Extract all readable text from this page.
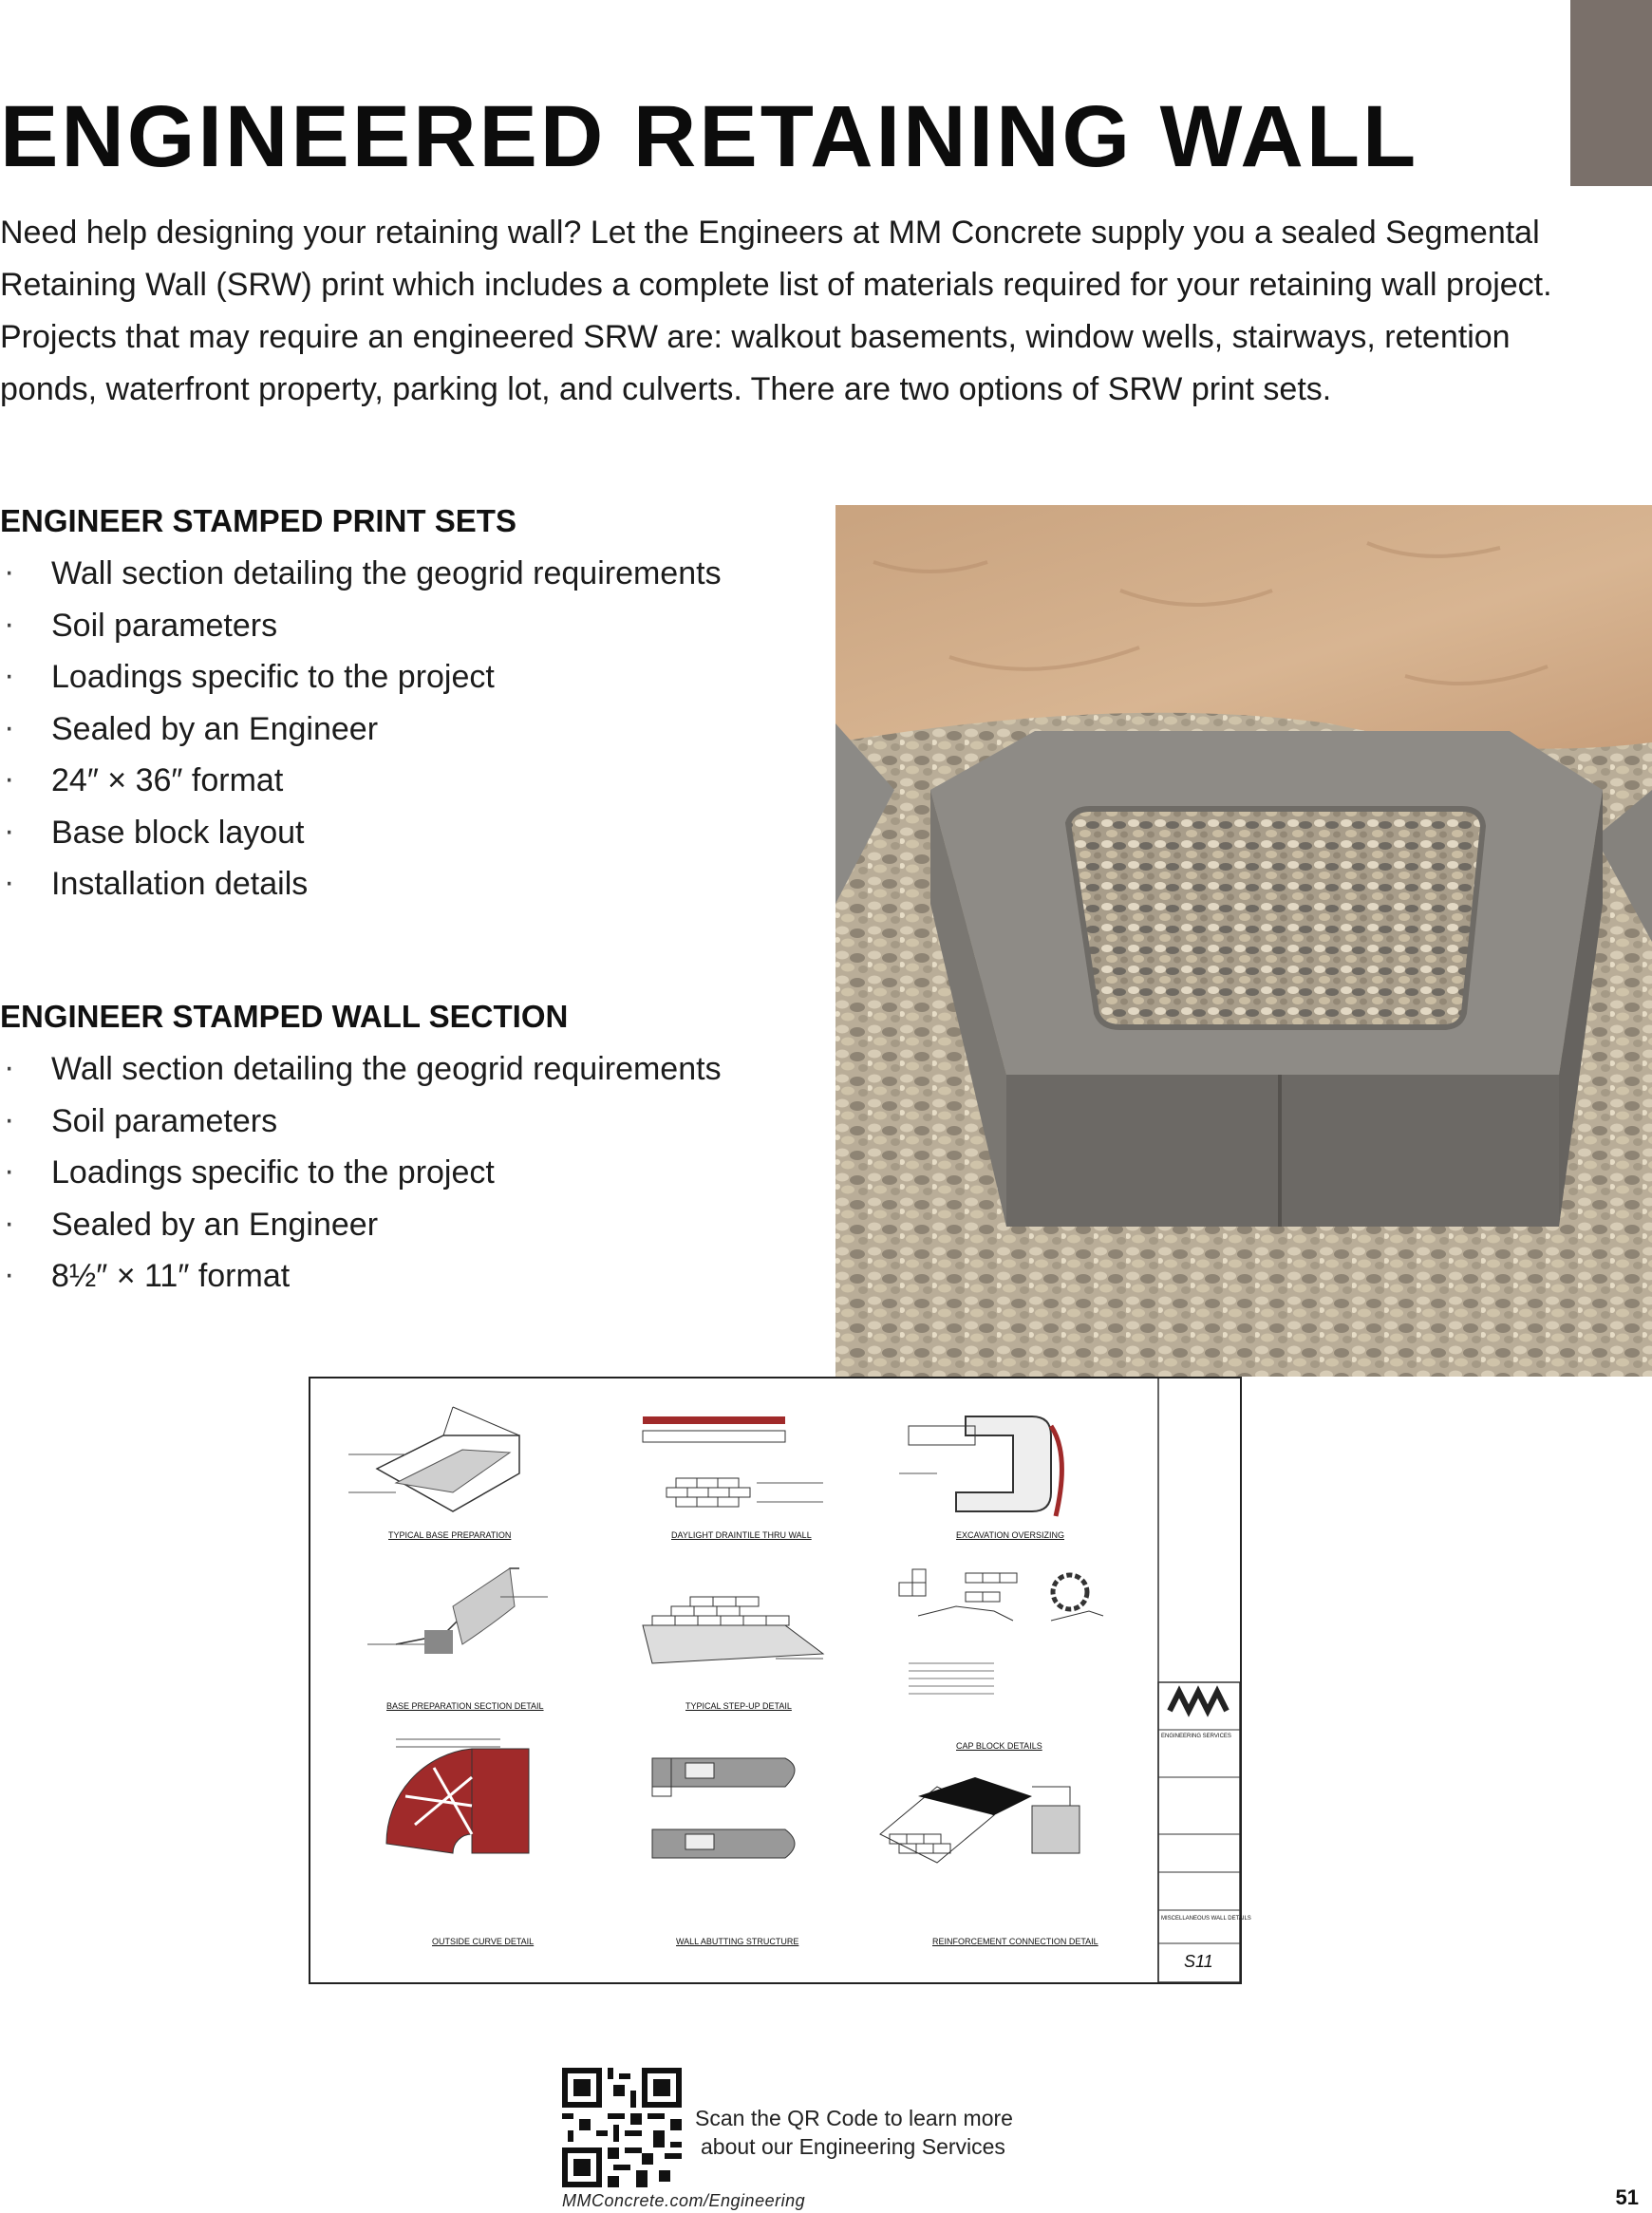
ENGINEERED RETAINING WALL

Need help designing your retaining wall? Let the Engineers at MM Concrete supply you a sealed Segmental Retaining Wall (SRW) print which includes a complete list of materials required for your retaining wall project. Projects that may require an engineered SRW are: walkout basements, window wells, stairways, retention ponds, waterfront property, parking lot, and culverts. There are two options of SRW print sets.

ENGINEER STAMPED PRINT SETS
· Wall section detailing the geogrid requirements
· Soil parameters
· Loadings specific to the project
· Sealed by an Engineer
· 24″ × 36″ format
· Base block layout
· Installation details
ENGINEER STAMPED WALL SECTION
· Wall section detailing the geogrid requirements
· Soil parameters
· Loadings specific to the project
· Sealed by an Engineer
· 8½″ × 11″ format
TYPICAL BASE PREPARATION	DAYLIGHT DRAINTILE THRU WALL	EXCAVATION OVERSIZING
BASE PREPARATION SECTION DETAIL	TYPICAL STEP-UP DETAIL
CAP BLOCK DETAILS
OUTSIDE CURVE DETAIL	WALL ABUTTING STRUCTURE	REINFORCEMENT CONNECTION DETAIL
ENGINEERING SERVICES
MISCELLANEOUS WALL DETAILS
S11
Scan the QR Code to learn more
about our Engineering Services
MMConcrete.com/Engineering	51
